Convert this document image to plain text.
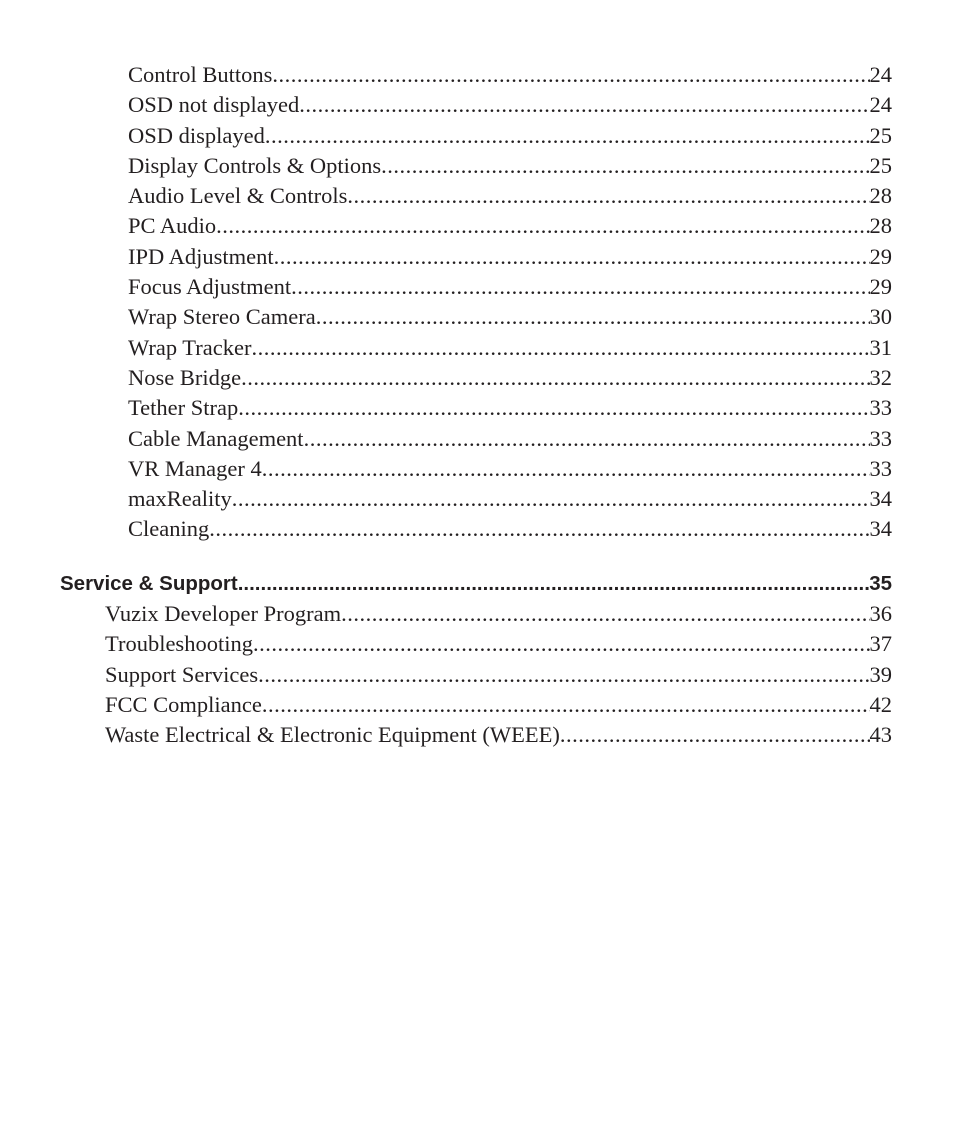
Control Buttons .....	24
OSD not displayed .....	24
OSD displayed .....	25
Display Controls & Options .....	25
Audio Level & Controls .....	28
PC Audio .....	28
IPD Adjustment .....	29
Focus Adjustment .....	29
Wrap Stereo Camera .....	30
Wrap Tracker .....	31
Nose Bridge .....	32
Tether Strap .....	33
Cable Management .....	33
VR Manager 4 .....	33
maxReality .....	34
Cleaning .....	34
Service & Support .....	35
Vuzix Developer Program .....	36
Troubleshooting .....	37
Support Services .....	39
FCC Compliance .....	42
Waste Electrical & Electronic Equipment (WEEE) .....	43
